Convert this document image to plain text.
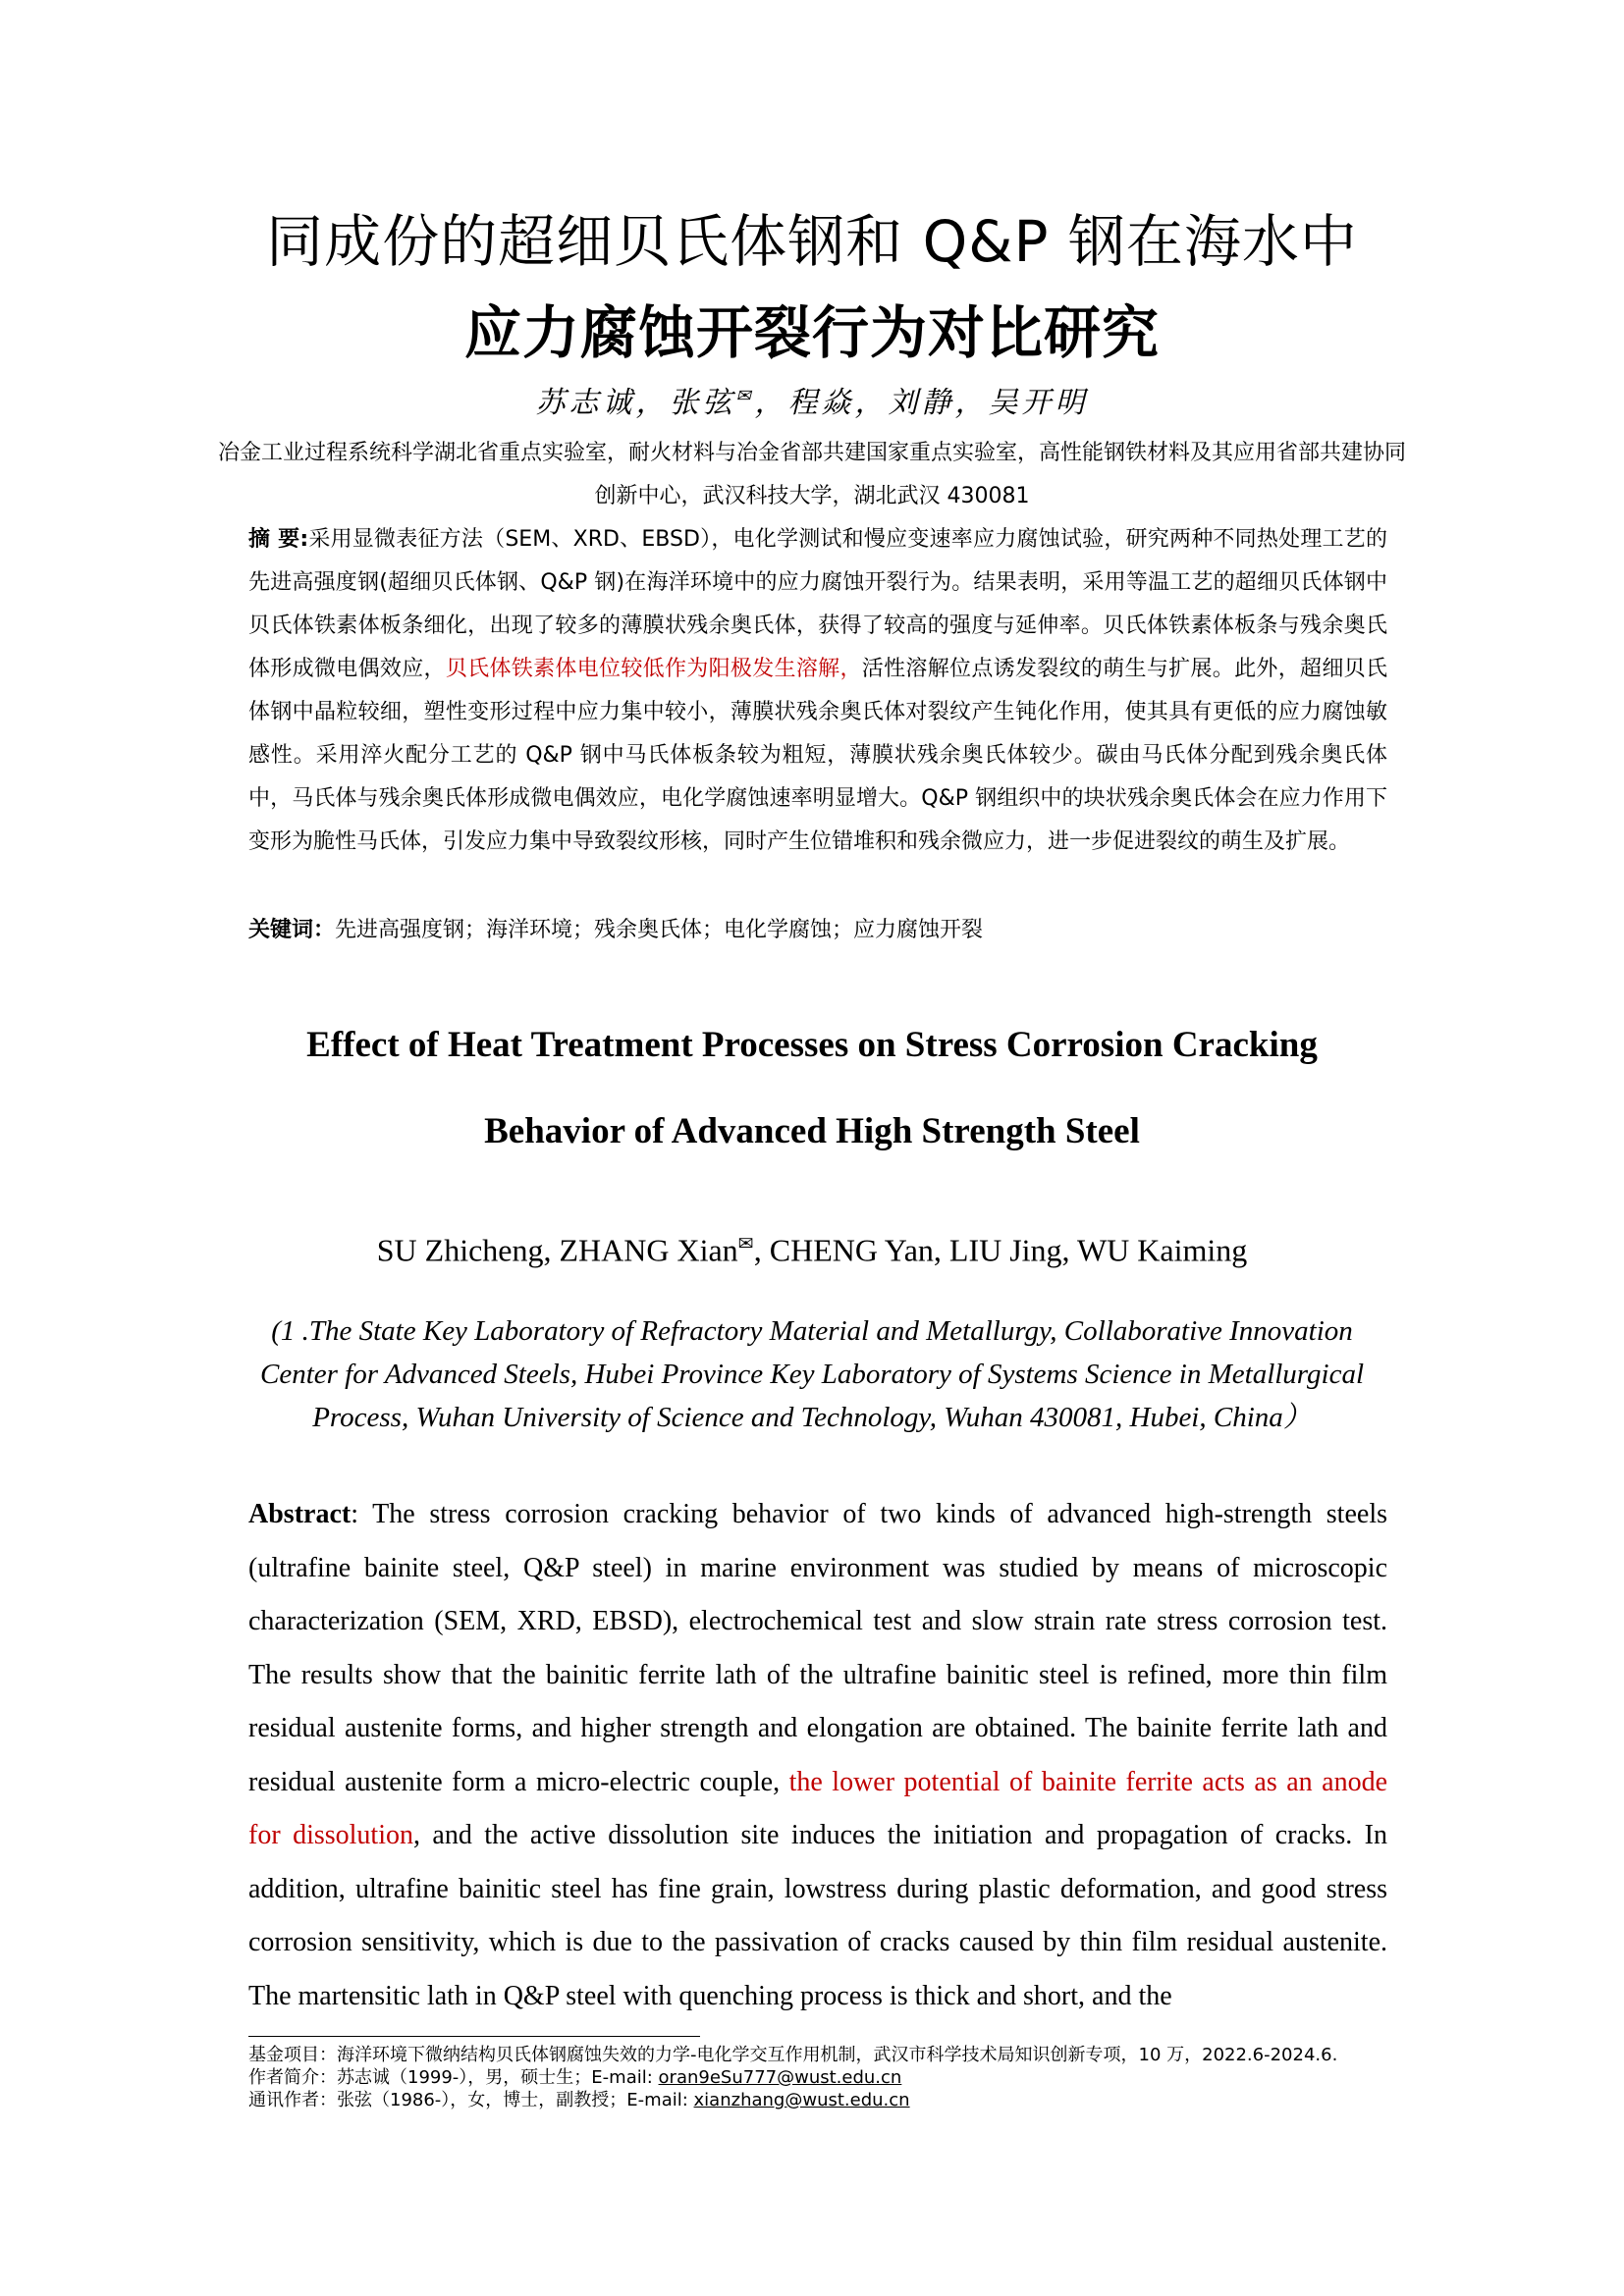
同成份的超细贝氏体钢和 Q&P 钢在海水中
应力腐蚀开裂行为对比研究
苏志诚，张弦✉，程焱，刘静，吴开明
冶金工业过程系统科学湖北省重点实验室，耐火材料与冶金省部共建国家重点实验室，高性能钢铁材料及其应用省部共建协同创新中心，武汉科技大学，湖北武汉 430081
摘 要:采用显微表征方法（SEM、XRD、EBSD），电化学测试和慢应变速率应力腐蚀试验，研究两种不同热处理工艺的先进高强度钢(超细贝氏体钢、Q&P 钢)在海洋环境中的应力腐蚀开裂行为。结果表明，采用等温工艺的超细贝氏体钢中贝氏体铁素体板条细化，出现了较多的薄膜状残余奥氏体，获得了较高的强度与延伸率。贝氏体铁素体板条与残余奥氏体形成微电偶效应，贝氏体铁素体电位较低作为阳极发生溶解，活性溶解位点诱发裂纹的萌生与扩展。此外，超细贝氏体钢中晶粒较细，塑性变形过程中应力集中较小，薄膜状残余奥氏体对裂纹产生钝化作用，使其具有更低的应力腐蚀敏感性。采用淬火配分工艺的 Q&P 钢中马氏体板条较为粗短，薄膜状残余奥氏体较少。碳由马氏体分配到残余奥氏体中，马氏体与残余奥氏体形成微电偶效应，电化学腐蚀速率明显增大。Q&P 钢组织中的块状残余奥氏体会在应力作用下变形为脆性马氏体，引发应力集中导致裂纹形核，同时产生位错堆积和残余微应力，进一步促进裂纹的萌生及扩展。
关键词：先进高强度钢；海洋环境；残余奥氏体；电化学腐蚀；应力腐蚀开裂
Effect of Heat Treatment Processes on Stress Corrosion Cracking
Behavior of Advanced High Strength Steel
SU Zhicheng, ZHANG Xian✉, CHENG Yan, LIU Jing, WU Kaiming
(1 .The State Key Laboratory of Refractory Material and Metallurgy, Collaborative Innovation Center for Advanced Steels, Hubei Province Key Laboratory of Systems Science in Metallurgical Process, Wuhan University of Science and Technology, Wuhan 430081, Hubei, China）
Abstract: The stress corrosion cracking behavior of two kinds of advanced high-strength steels (ultrafine bainite steel, Q&P steel) in marine environment was studied by means of microscopic characterization (SEM, XRD, EBSD), electrochemical test and slow strain rate stress corrosion test. The results show that the bainitic ferrite lath of the ultrafine bainitic steel is refined, more thin film residual austenite forms, and higher strength and elongation are obtained. The bainite ferrite lath and residual austenite form a micro-electric couple, the lower potential of bainite ferrite acts as an anode for dissolution, and the active dissolution site induces the initiation and propagation of cracks. In addition, ultrafine bainitic steel has fine grain, lowstress during plastic deformation, and good stress corrosion sensitivity, which is due to the passivation of cracks caused by thin film residual austenite. The martensitic lath in Q&P steel with quenching process is thick and short, and the
基金项目：海洋环境下微纳结构贝氏体钢腐蚀失效的力学-电化学交互作用机制，武汉市科学技术局知识创新专项，10 万，2022.6-2024.6.
作者简介：苏志诚（1999-），男，硕士生；E-mail: oran9eSu777@wust.edu.cn
通讯作者：张弦（1986-），女，博士，副教授；E-mail: xianzhang@wust.edu.cn
